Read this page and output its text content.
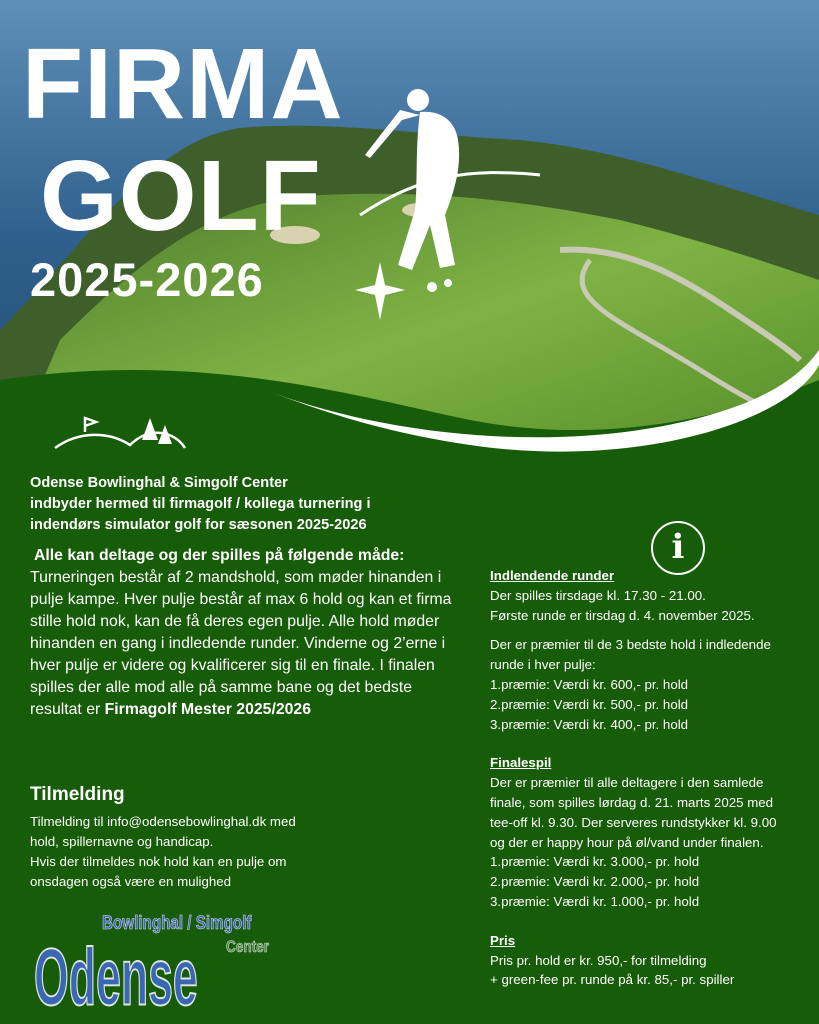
FIRMA
GOLF
2025-2026
Odense Bowlinghal & Simgolf Center
indbyder hermed til firmagolf / kollega turnering i
indendørs simulator golf for sæsonen 2025-2026
Alle kan deltage og der spilles på følgende måde: Turneringen består af 2 mandshold, som møder hinanden i pulje kampe. Hver pulje består af max 6 hold og kan et firma stille hold nok, kan de få deres egen pulje. Alle hold møder hinanden en gang i indledende runder. Vinderne og 2’erne i hver pulje er videre og kvalificerer sig til en finale. I finalen spilles der alle mod alle på samme bane og det bedste resultat er Firmagolf Mester 2025/2026
Tilmelding
Tilmelding til info@odensebowlinghal.dk med
hold, spillernavne og handicap.
Hvis der tilmeldes nok hold kan en pulje om
onsdagen også være en mulighed
i

Indlendende runder

Der spilles tirsdage kl. 17.30 - 21.00.

Første runde er tirsdag d. 4. november 2025.

Der er præmier til de 3 bedste hold i indledende

runde i hver pulje:

1.præmie: Værdi kr. 600,- pr. hold

2.præmie: Værdi kr. 500,- pr. hold

3.præmie: Værdi kr. 400,- pr. hold

Finalespil

Der er præmier til alle deltagere i den samlede

finale, som spilles lørdag d. 21. marts 2025 med

tee-off kl. 9.30. Der serveres rundstykker kl. 9.00

og der er happy hour på øl/vand under finalen.

1.præmie: Værdi kr. 3.000,- pr. hold

2.præmie: Værdi kr. 2.000,- pr. hold

3.præmie: Værdi kr. 1.000,- pr. hold

Pris

Pris pr. hold er kr. 950,- for tilmelding

+ green-fee pr. runde på kr. 85,- pr. spiller

Bowlinghal / Simgolf
Center
Odense
